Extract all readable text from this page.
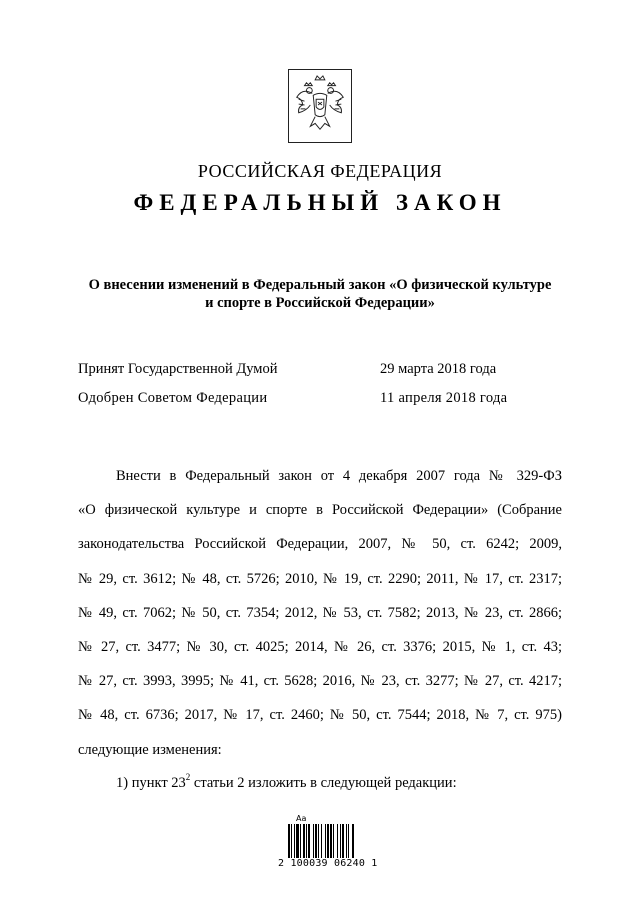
РОССИЙСКАЯ ФЕДЕРАЦИЯ
ФЕДЕРАЛЬНЫЙ ЗАКОН
О внесении изменений в Федеральный закон «О физической культуре
и спорте в Российской Федерации»
Принят Государственной Думой	29 марта 2018 года
Одобрен Советом Федерации	11 апреля 2018 года
Внести в Федеральный закон от 4 декабря 2007 года № 329-ФЗ
«О физической культуре и спорте в Российской Федерации» (Собрание
законодательства Российской Федерации, 2007, № 50, ст. 6242; 2009,
№ 29, ст. 3612; № 48, ст. 5726; 2010, № 19, ст. 2290; 2011, № 17, ст. 2317;
№ 49, ст. 7062; № 50, ст. 7354; 2012, № 53, ст. 7582; 2013, № 23, ст. 2866;
№ 27, ст. 3477; № 30, ст. 4025; 2014, № 26, ст. 3376; 2015, № 1, ст. 43;
№ 27, ст. 3993, 3995; № 41, ст. 5628; 2016, № 23, ст. 3277; № 27, ст. 4217;
№ 48, ст. 6736; 2017, № 17, ст. 2460; № 50, ст. 7544; 2018, № 7, ст. 975)
следующие изменения:
1) пункт $23^2$ статьи 2 изложить в следующей редакции:
Aa
2 100039 06240 1
